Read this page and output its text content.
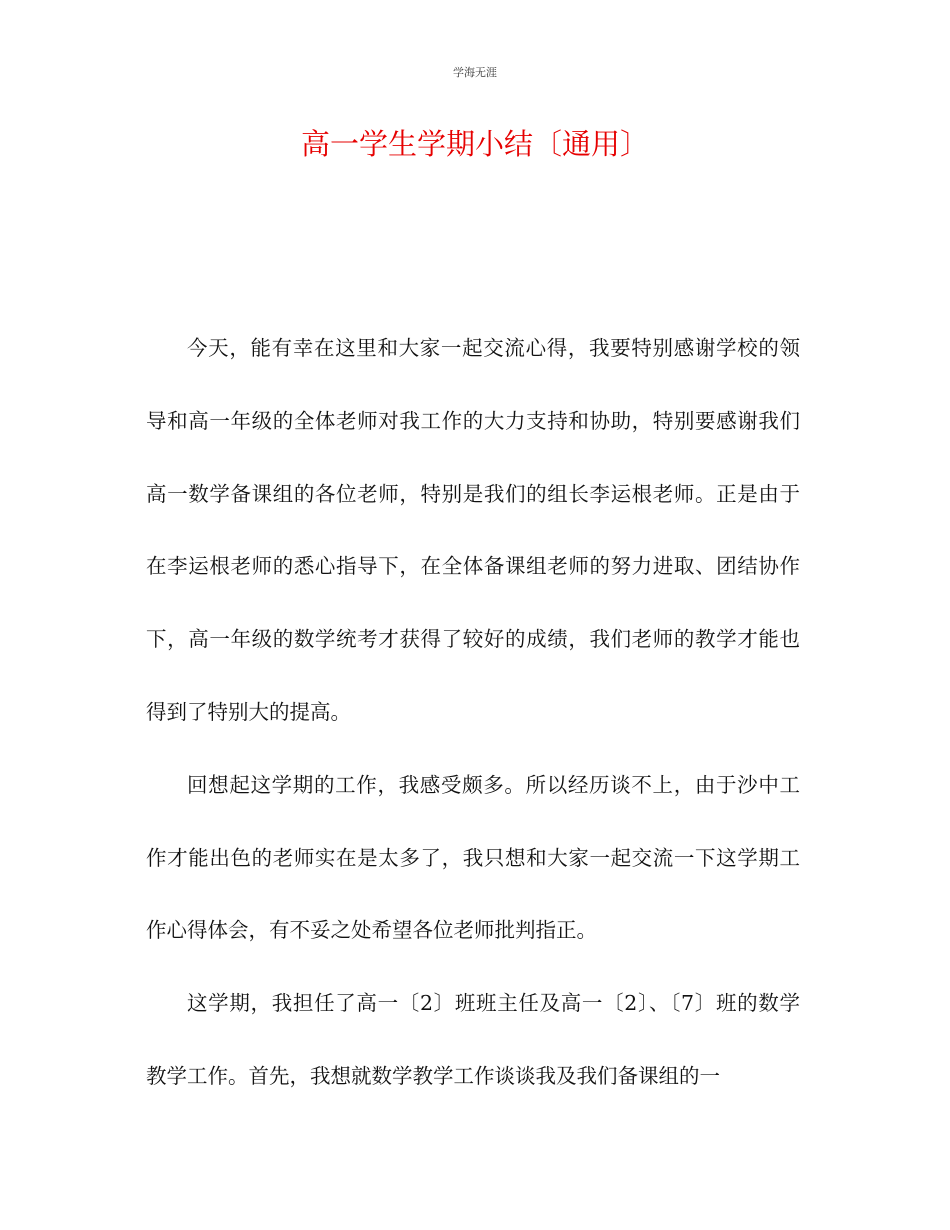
学海无涯
高一学生学期小结〔通用〕

今天，能有幸在这里和大家一起交流心得，我要特别感谢学校的领导和高一年级的全体老师对我工作的大力支持和协助，特别要感谢我们高一数学备课组的各位老师，特别是我们的组长李运根老师。正是由于在李运根老师的悉心指导下，在全体备课组老师的努力进取、团结协作下，高一年级的数学统考才获得了较好的成绩，我们老师的教学才能也得到了特别大的提高。

回想起这学期的工作，我感受颇多。所以经历谈不上，由于沙中工作才能出色的老师实在是太多了，我只想和大家一起交流一下这学期工作心得体会，有不妥之处希望各位老师批判指正。

这学期，我担任了高一〔2〕班班主任及高一〔2〕、〔7〕班的数学教学工作。首先，我想就数学教学工作谈谈我及我们备课组的一
